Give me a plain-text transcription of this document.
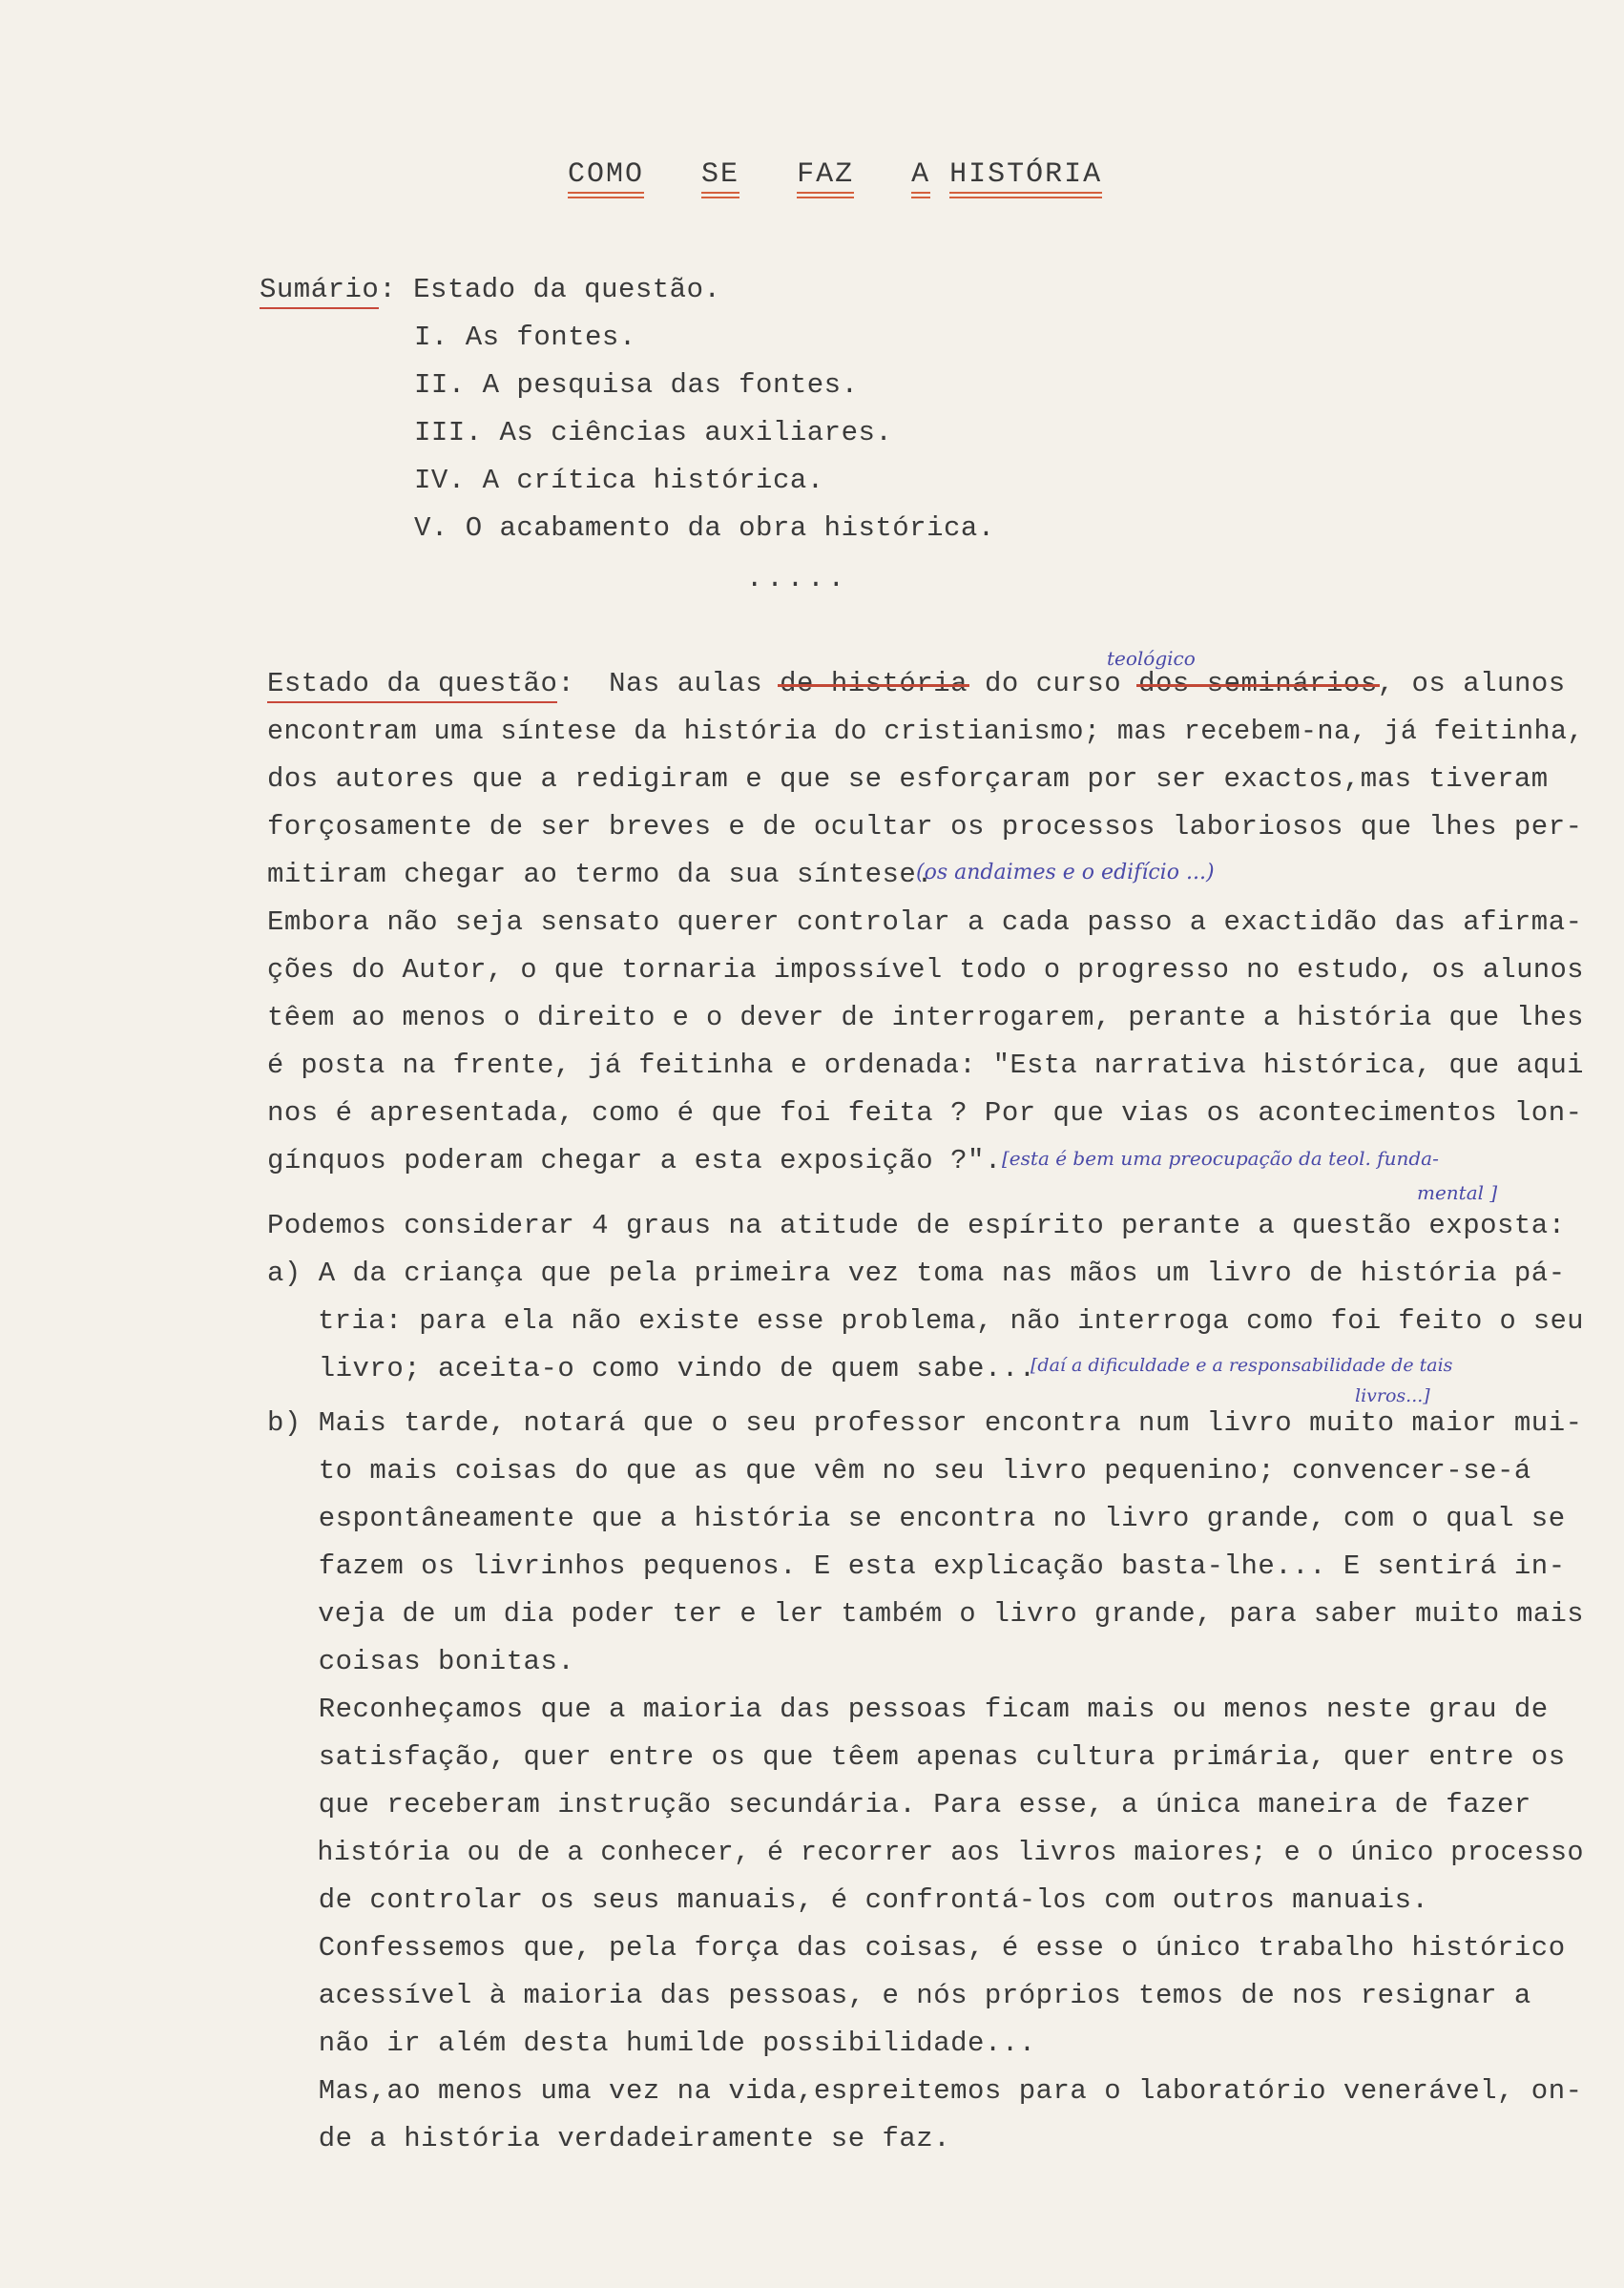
COMO SE FAZ A HISTÓRIA

Sumário: Estado da questão.
I. As fontes.
II. A pesquisa das fontes.
III. As ciências auxiliares.
IV. A crítica histórica.
V. O acabamento da obra histórica.
.....
teológico
Estado da questão: Nas aulas de história do curso dos seminários, os alunos
encontram uma síntese da história do cristianismo; mas recebem-na, já feitinha,
dos autores que a redigiram e que se esforçaram por ser exactos,mas tiveram
forçosamente de ser breves e de ocultar os processos laboriosos que lhes per-
mitiram chegar ao termo da sua síntese.
(os andaimes e o edifício ...)
Embora não seja sensato querer controlar a cada passo a exactidão das afirma-
ções do Autor, o que tornaria impossível todo o progresso no estudo, os alunos
têem ao menos o direito e o dever de interrogarem, perante a história que lhes
é posta na frente, já feitinha e ordenada: "Esta narrativa histórica, que aqui
nos é apresentada, como é que foi feita ? Por que vias os acontecimentos lon-
gínquos poderam chegar a esta exposição ?". [esta é bem uma preocupação da teol. funda-
mental ]
Podemos considerar 4 graus na atitude de espírito perante a questão exposta:
a) A da criança que pela primeira vez toma nas mãos um livro de história pá-
tria: para ela não existe esse problema, não interroga como foi feito o seu
livro; aceita-o como vindo de quem sabe...
[daí a dificuldade e a responsabilidade de tais
livros...]
b) Mais tarde, notará que o seu professor encontra num livro muito maior mui-
to mais coisas do que as que vêm no seu livro pequenino; convencer-se-á
espontâneamente que a história se encontra no livro grande, com o qual se
fazem os livrinhos pequenos. E esta explicação basta-lhe... E sentirá in-
veja de um dia poder ter e ler também o livro grande, para saber muito mais
coisas bonitas.
Reconheçamos que a maioria das pessoas ficam mais ou menos neste grau de
satisfação, quer entre os que têem apenas cultura primária, quer entre os
que receberam instrução secundária. Para esse, a única maneira de fazer
história ou de a conhecer, é recorrer aos livros maiores; e o único processo
de controlar os seus manuais, é confrontá-los com outros manuais.
Confessemos que, pela força das coisas, é esse o único trabalho histórico
acessível à maioria das pessoas, e nós próprios temos de nos resignar a
não ir além desta humilde possibilidade...
Mas,ao menos uma vez na vida,espreitemos para o laboratório venerável, on-
de a história verdadeiramente se faz.
